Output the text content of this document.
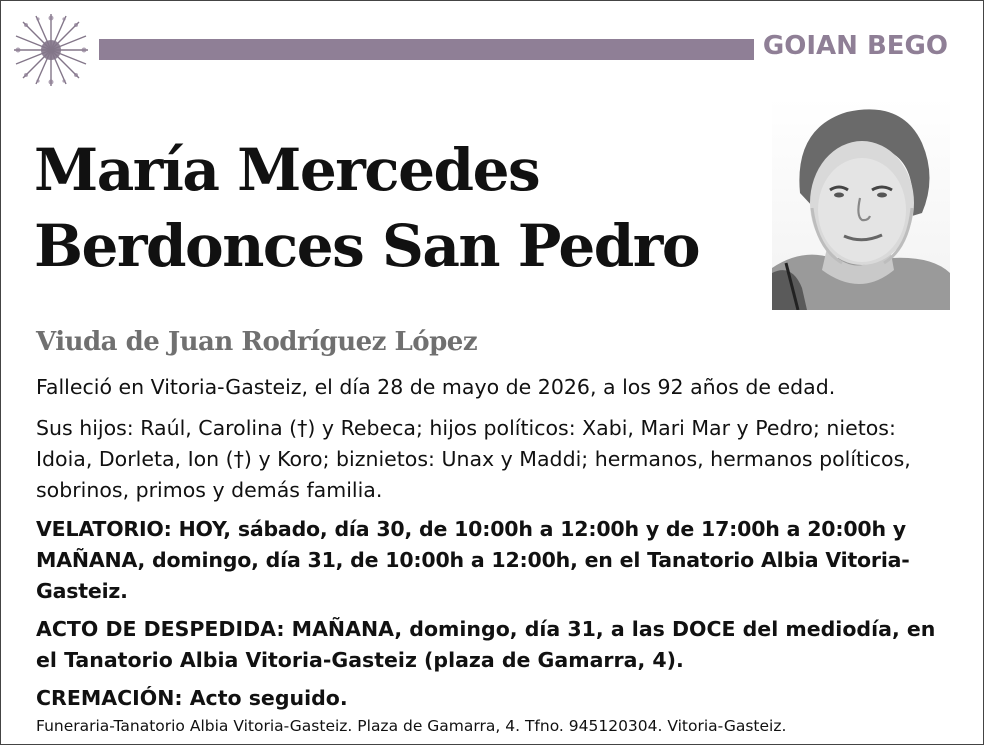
GOIAN BEGO
María Mercedes
Berdonces San Pedro
Viuda de Juan Rodríguez López

Falleció en Vitoria-Gasteiz, el día 28 de mayo de 2026, a los 92 años de edad.

Sus hijos: Raúl, Carolina (†) y Rebeca; hijos políticos: Xabi, Mari Mar y Pedro; nietos: Idoia, Dorleta, Ion (†) y Koro; biznietos: Unax y Maddi; hermanos, hermanos políticos, sobrinos, primos y demás familia.

VELATORIO: HOY, sábado, día 30, de 10:00h a 12:00h y de 17:00h a 20:00h y MAÑANA, domingo, día 31, de 10:00h a 12:00h, en el Tanatorio Albia Vitoria-Gasteiz.

ACTO DE DESPEDIDA: MAÑANA, domingo, día 31, a las DOCE del mediodía, en el Tanatorio Albia Vitoria-Gasteiz (plaza de Gamarra, 4).

CREMACIÓN: Acto seguido.

Funeraria-Tanatorio Albia Vitoria-Gasteiz. Plaza de Gamarra, 4. Tfno. 945120304. Vitoria-Gasteiz.
